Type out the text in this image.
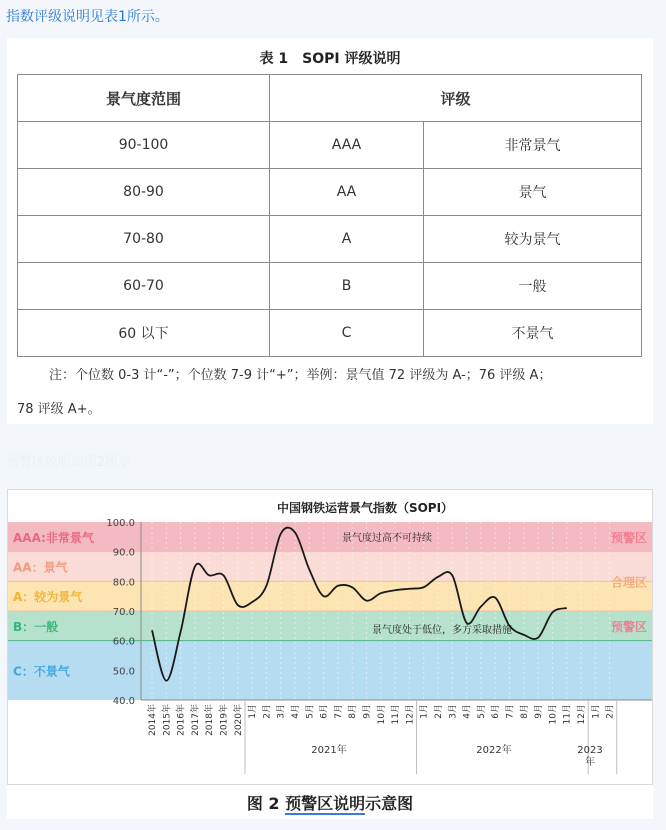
指数评级说明见表1所示。
表 1　SOPI 评级说明
景气度范围	评级	
90-100	AAA	非常景气
80-90	AA	景气
70-80	A	较为景气
60-70	B	一般
60 以下	C	不景气
注：个位数 0-3 计“-”；个位数 7-9 计“+”；举例：景气值 72 评级为 A-；76 评级 A；
78 评级 A+。
预警区说明如图2所示
100.0
90.0
80.0
70.0
60.0
50.0
40.0
2014年 2015年 2016年 2017年 2018年 2019年 2020年 1月 2月 3月 4月 5月 6月 7月 8月 9月 10月 11月 12月 1月 2月 3月 4月 5月 6月 7月 8月 9月 10月 11月 12月 1月 2月
2021年	2022年	2023 年
中国钢铁运营景气指数（SOPI）
AAA:非常景气
AA：景气
A：较为景气
B：一般
C：不景气
预警区
合理区
预警区
景气度过高不可持续
景气度处于低位，多方采取措施
图 2 预警区说明示意图
